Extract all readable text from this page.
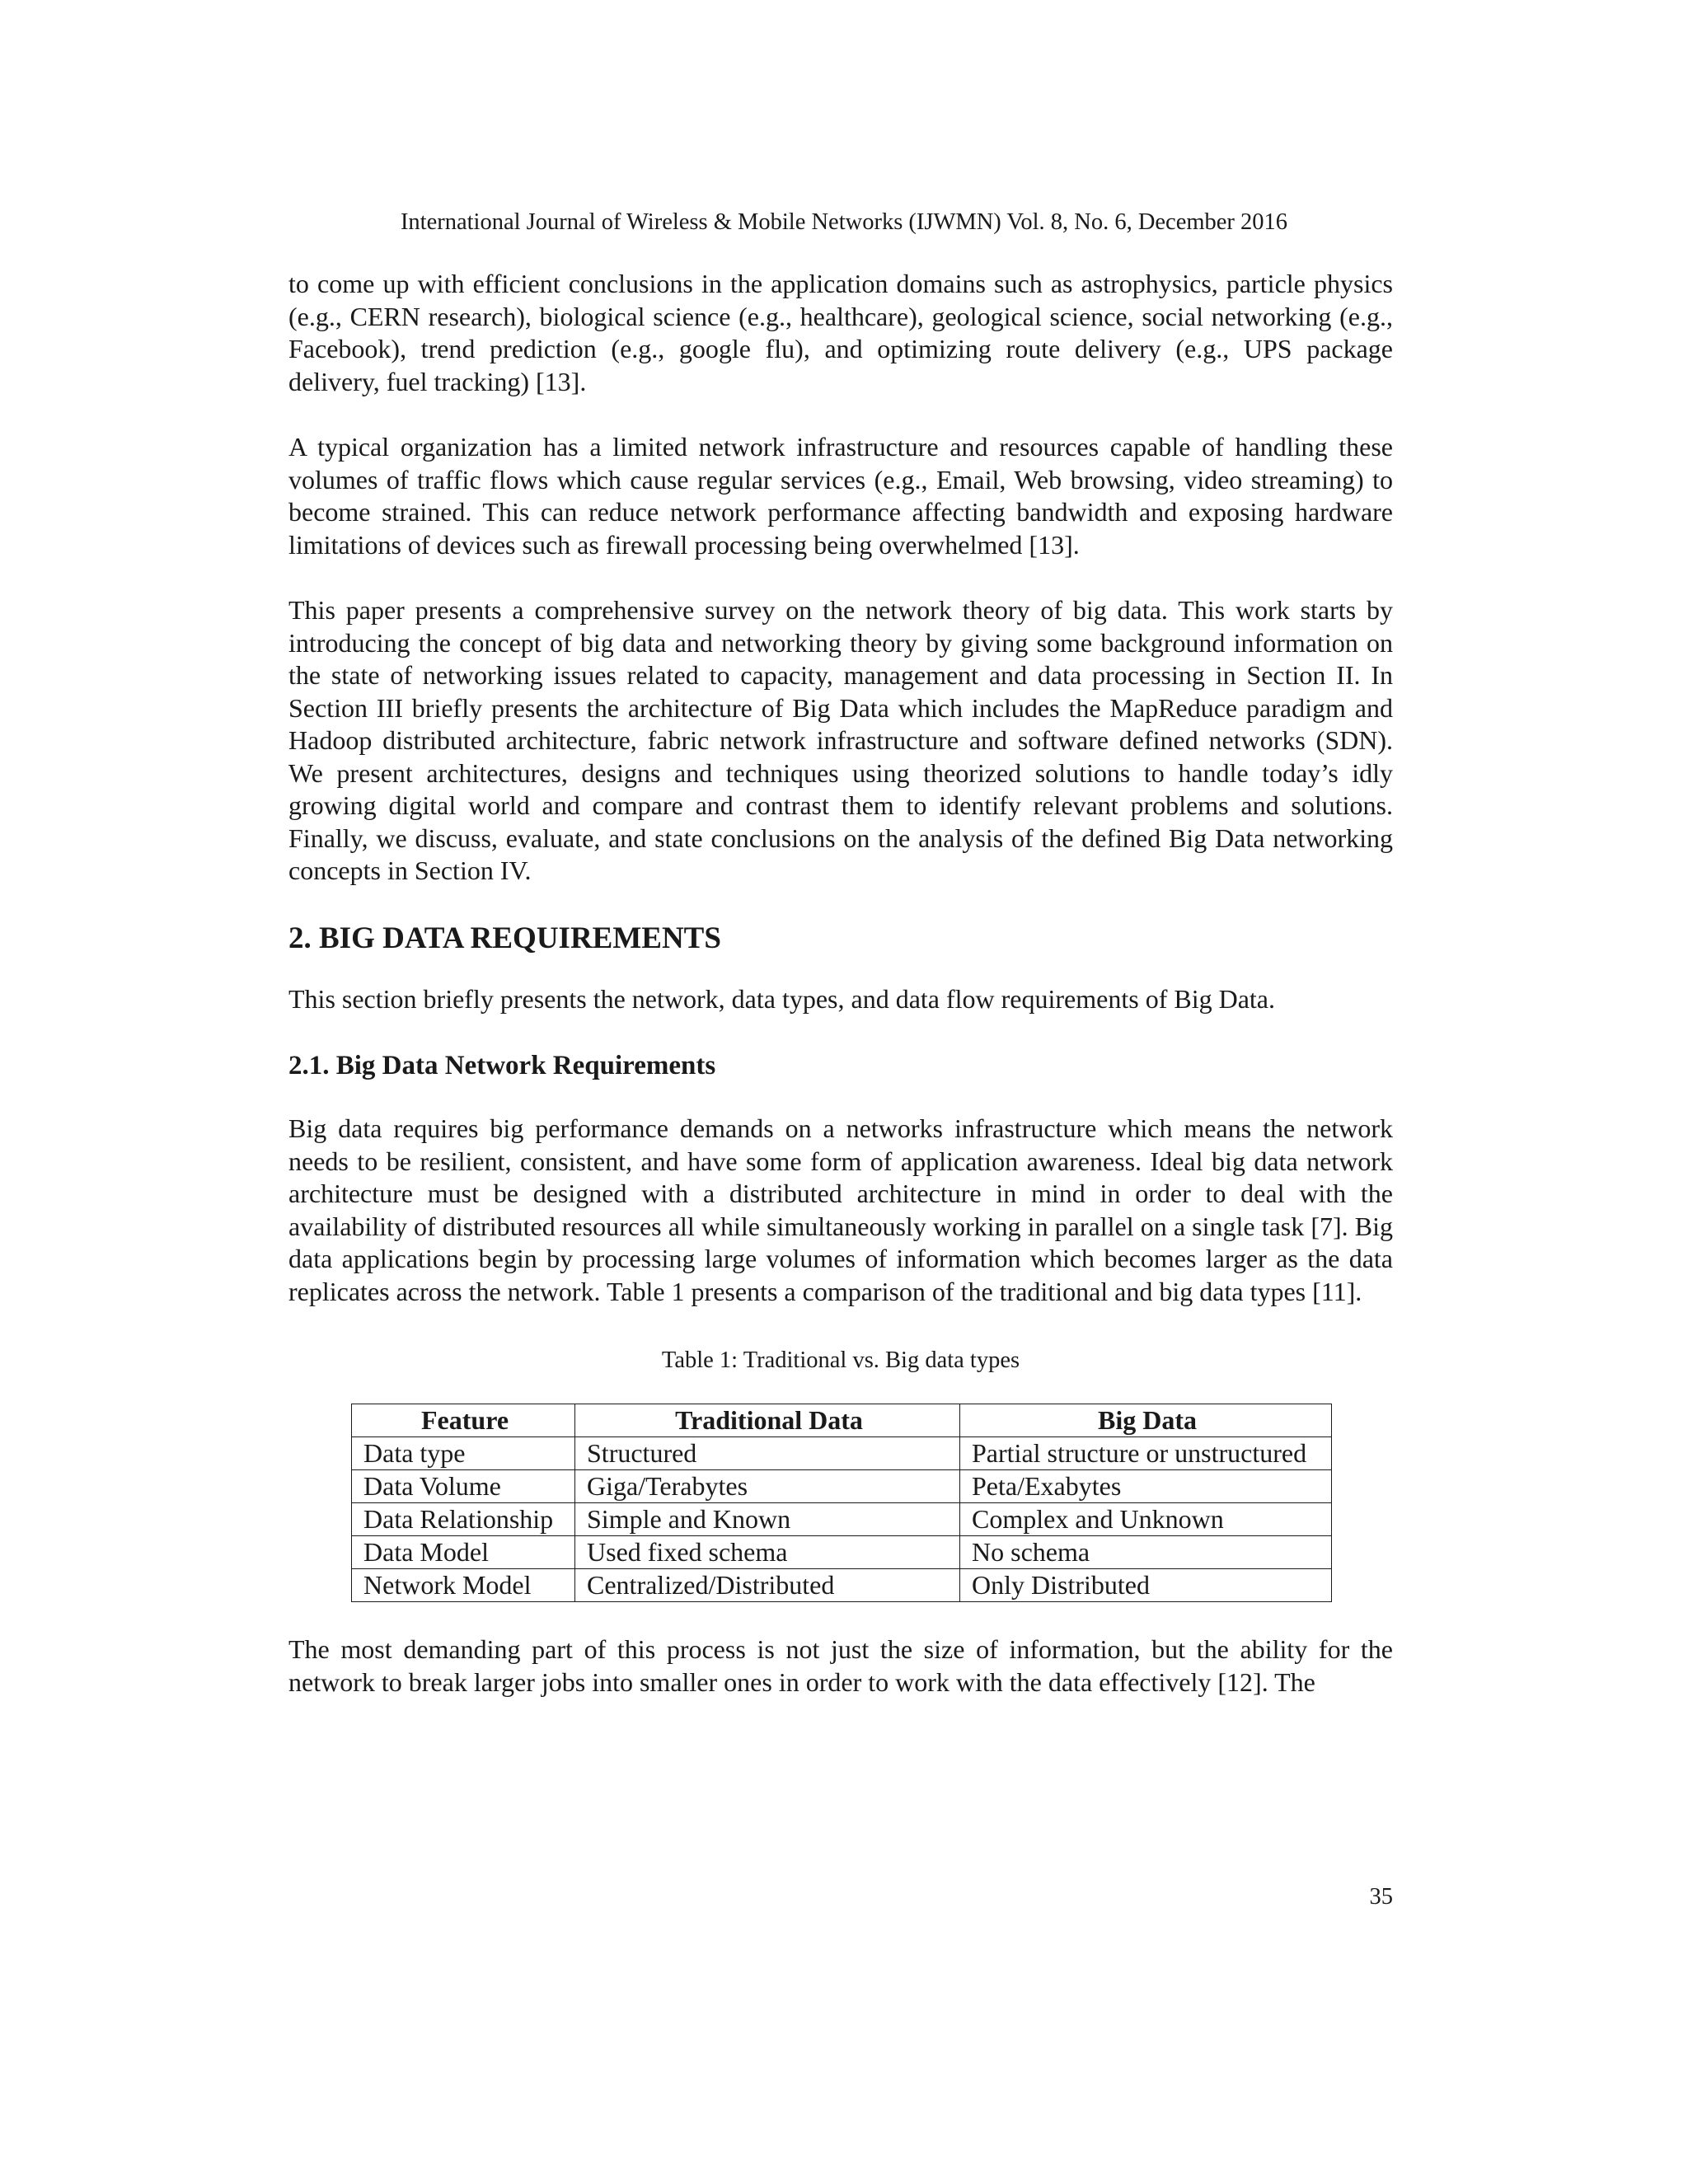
International Journal of Wireless & Mobile Networks (IJWMN) Vol. 8, No. 6, December 2016

to come up with efficient conclusions in the application domains such as astrophysics, particle physics (e.g., CERN research), biological science (e.g., healthcare), geological science, social networking (e.g., Facebook), trend prediction (e.g., google flu), and optimizing route delivery (e.g., UPS package delivery, fuel tracking) [13].

A typical organization has a limited network infrastructure and resources capable of handling these volumes of traffic flows which cause regular services (e.g., Email, Web browsing, video streaming) to become strained. This can reduce network performance affecting bandwidth and exposing hardware limitations of devices such as firewall processing being overwhelmed [13].

This paper presents a comprehensive survey on the network theory of big data. This work starts by introducing the concept of big data and networking theory by giving some background information on the state of networking issues related to capacity, management and data processing in Section II. In Section III briefly presents the architecture of Big Data which includes the MapReduce paradigm and Hadoop distributed architecture, fabric network infrastructure and software defined networks (SDN). We present architectures, designs and techniques using theorized solutions to handle today’s idly growing digital world and compare and contrast them to identify relevant problems and solutions. Finally, we discuss, evaluate, and state conclusions on the analysis of the defined Big Data networking concepts in Section IV.

2. BIG DATA REQUIREMENTS

This section briefly presents the network, data types, and data flow requirements of Big Data.

2.1. Big Data Network Requirements

Big data requires big performance demands on a networks infrastructure which means the network needs to be resilient, consistent, and have some form of application awareness. Ideal big data network architecture must be designed with a distributed architecture in mind in order to deal with the availability of distributed resources all while simultaneously working in parallel on a single task [7]. Big data applications begin by processing large volumes of information which becomes larger as the data replicates across the network. Table 1 presents a comparison of the traditional and big data types [11].

Table 1: Traditional vs. Big data types
Feature	Traditional Data	Big Data
Data type	Structured	Partial structure or unstructured
Data Volume	Giga/Terabytes	Peta/Exabytes
Data Relationship	Simple and Known	Complex and Unknown
Data Model	Used fixed schema	No schema
Network Model	Centralized/Distributed	Only Distributed

The most demanding part of this process is not just the size of information, but the ability for the network to break larger jobs into smaller ones in order to work with the data effectively [12]. The

35
